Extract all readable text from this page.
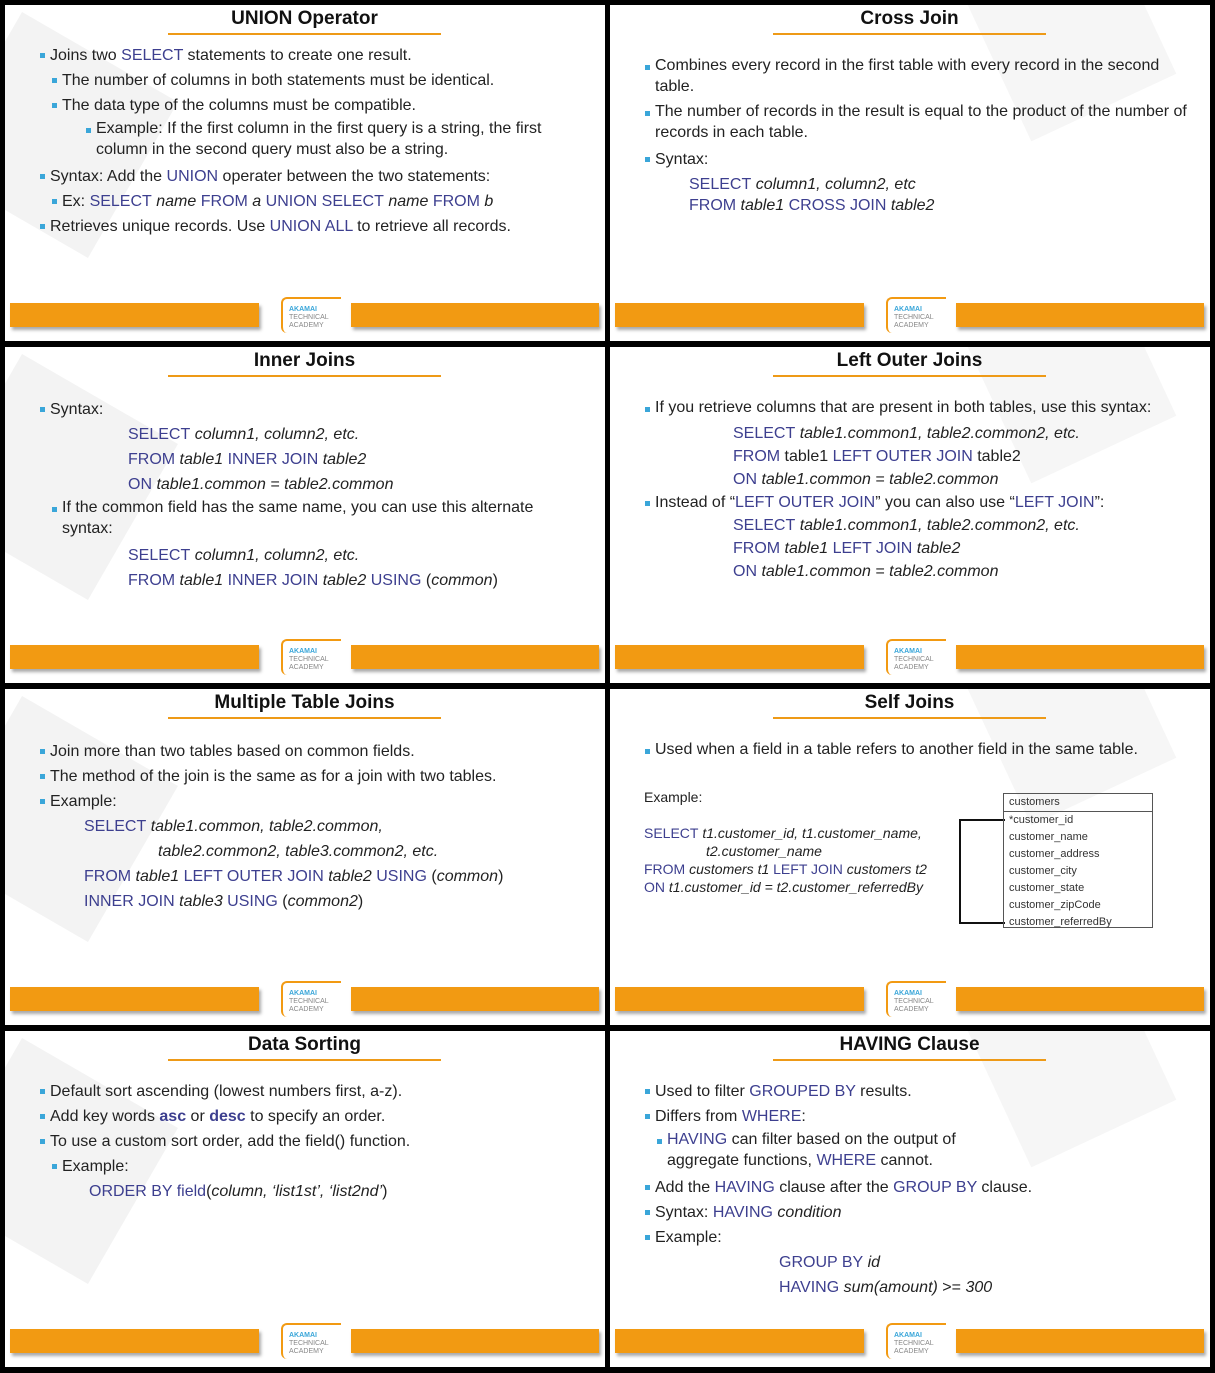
UNION Operator
Joins two SELECT statements to create one result.
The number of columns in both statements must be identical.
The data type of the columns must be compatible.
Example: If the first column in the first query is a string, the first column in the second query must also be a string.
Syntax: Add the UNION operater between the two statements:
Ex: SELECT name FROM a UNION SELECT name FROM b
Retrieves unique records. Use UNION ALL to retrieve all records.
AKAMAI
TECHNICAL
ACADEMY
Cross Join
Combines every record in the first table with every record in the second table.
The number of records in the result is equal to the product of the number of records in each table.
Syntax:
SELECT column1, column2, etc
FROM table1 CROSS JOIN table2
AKAMAI
TECHNICAL
ACADEMY
Inner Joins
Syntax:
SELECT column1, column2, etc.
FROM table1 INNER JOIN table2
ON table1.common = table2.common
If the common field has the same name, you can use this alternate syntax:
SELECT column1, column2, etc.
FROM table1 INNER JOIN table2 USING (common)
AKAMAI
TECHNICAL
ACADEMY
Left Outer Joins
If you retrieve columns that are present in both tables, use this syntax:
SELECT table1.common1, table2.common2, etc.
FROM table1 LEFT OUTER JOIN table2
ON table1.common = table2.common
Instead of “LEFT OUTER JOIN” you can also use “LEFT JOIN”:
SELECT table1.common1, table2.common2, etc.
FROM table1 LEFT JOIN table2
ON table1.common = table2.common
AKAMAI
TECHNICAL
ACADEMY
Multiple Table Joins
Join more than two tables based on common fields.
The method of the join is the same as for a join with two tables.
Example:
SELECT table1.common, table2.common,
table2.common2, table3.common2, etc.
FROM table1 LEFT OUTER JOIN table2 USING (common)
INNER JOIN table3 USING (common2)
AKAMAI
TECHNICAL
ACADEMY
Self Joins
Used when a field in a table refers to another field in the same table.
Example:
SELECT t1.customer_id, t1.customer_name,
t2.customer_name
FROM customers t1 LEFT JOIN customers t2
ON t1.customer_id = t2.customer_referredBy
customers
*customer_id
customer_name
customer_address
customer_city
customer_state
customer_zipCode
customer_referredBy
AKAMAI
TECHNICAL
ACADEMY
Data Sorting
Default sort ascending (lowest numbers first, a-z).
Add key words asc or desc to specify an order.
To use a custom sort order, add the field() function.
Example:
ORDER BY field(column, ‘list1st’, ‘list2nd’)
AKAMAI
TECHNICAL
ACADEMY
HAVING Clause
Used to filter GROUPED BY results.
Differs from WHERE:
HAVING can filter based on the output of aggregate functions, WHERE cannot.
Add the HAVING clause after the GROUP BY clause.
Syntax: HAVING condition
Example:
GROUP BY id
HAVING sum(amount) >= 300
AKAMAI
TECHNICAL
ACADEMY
